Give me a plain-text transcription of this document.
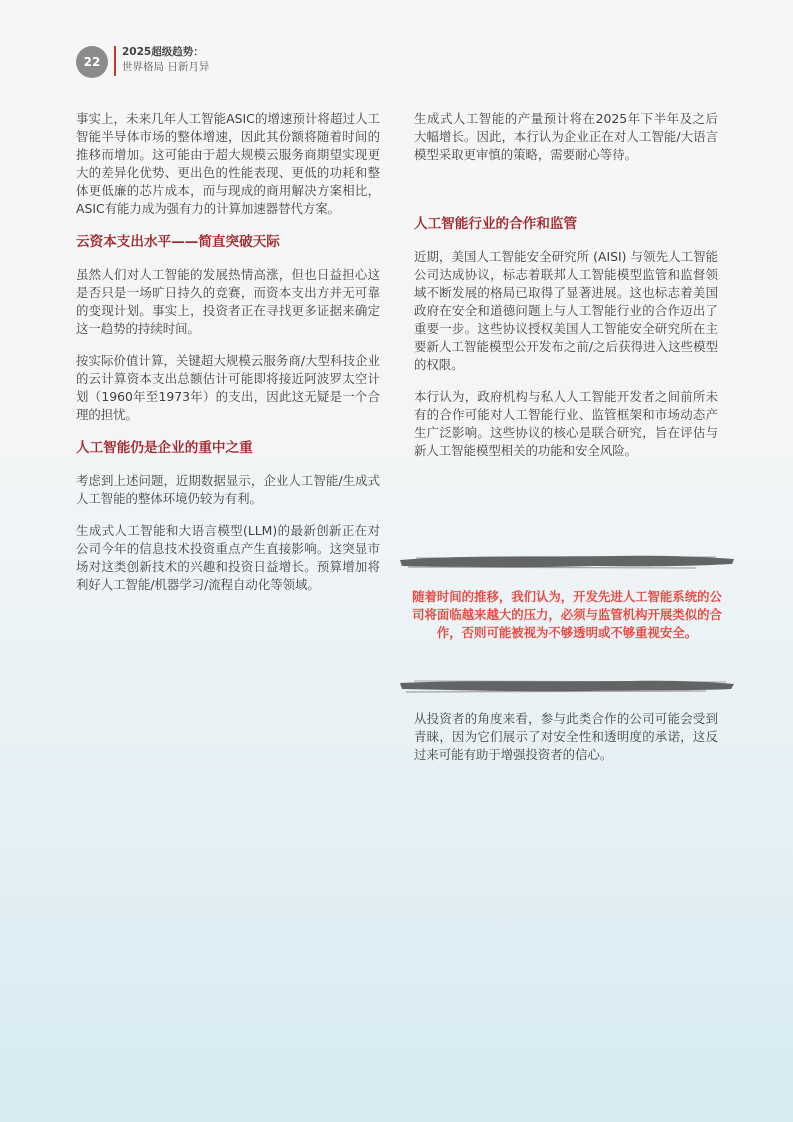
22
2025超级趋势：
世界格局 日新月异

事实上，未来几年人工智能ASIC的增速预计将超过人工智能半导体市场的整体增速，因此其份额将随着时间的推移而增加。这可能由于超大规模云服务商期望实现更大的差异化优势、更出色的性能表现、更低的功耗和整体更低廉的芯片成本，而与现成的商用解决方案相比，ASIC有能力成为强有力的计算加速器替代方案。

云资本支出水平——简直突破天际

虽然人们对人工智能的发展热情高涨，但也日益担心这是否只是一场旷日持久的竞赛，而资本支出方并无可靠的变现计划。事实上，投资者正在寻找更多证据来确定这一趋势的持续时间。

按实际价值计算，关键超大规模云服务商/大型科技企业的云计算资本支出总额估计可能即将接近阿波罗太空计划（1960年至1973年）的支出，因此这无疑是一个合理的担忧。

人工智能仍是企业的重中之重

考虑到上述问题，近期数据显示，企业人工智能/生成式人工智能的整体环境仍较为有利。

生成式人工智能和大语言模型(LLM)的最新创新正在对公司今年的信息技术投资重点产生直接影响。这突显市场对这类创新技术的兴趣和投资日益增长。预算增加将利好人工智能/机器学习/流程自动化等领域。

生成式人工智能的产量预计将在2025年下半年及之后大幅增长。因此，本行认为企业正在对人工智能/大语言模型采取更审慎的策略，需要耐心等待。

人工智能行业的合作和监管

近期，美国人工智能安全研究所 (AISI) 与领先人工智能公司达成协议，标志着联邦人工智能模型监管和监督领域不断发展的格局已取得了显著进展。这也标志着美国政府在安全和道德问题上与人工智能行业的合作迈出了重要一步。这些协议授权美国人工智能安全研究所在主要新人工智能模型公开发布之前/之后获得进入这些模型的权限。

本行认为，政府机构与私人人工智能开发者之间前所未有的合作可能对人工智能行业、监管框架和市场动态产生广泛影响。这些协议的核心是联合研究，旨在评估与新人工智能模型相关的功能和安全风险。

随着时间的推移，我们认为，开发先进人工智能系统的公司将面临越来越大的压力，必须与监管机构开展类似的合作，否则可能被视为不够透明或不够重视安全。

从投资者的角度来看，参与此类合作的公司可能会受到青睐，因为它们展示了对安全性和透明度的承诺，这反过来可能有助于增强投资者的信心。
